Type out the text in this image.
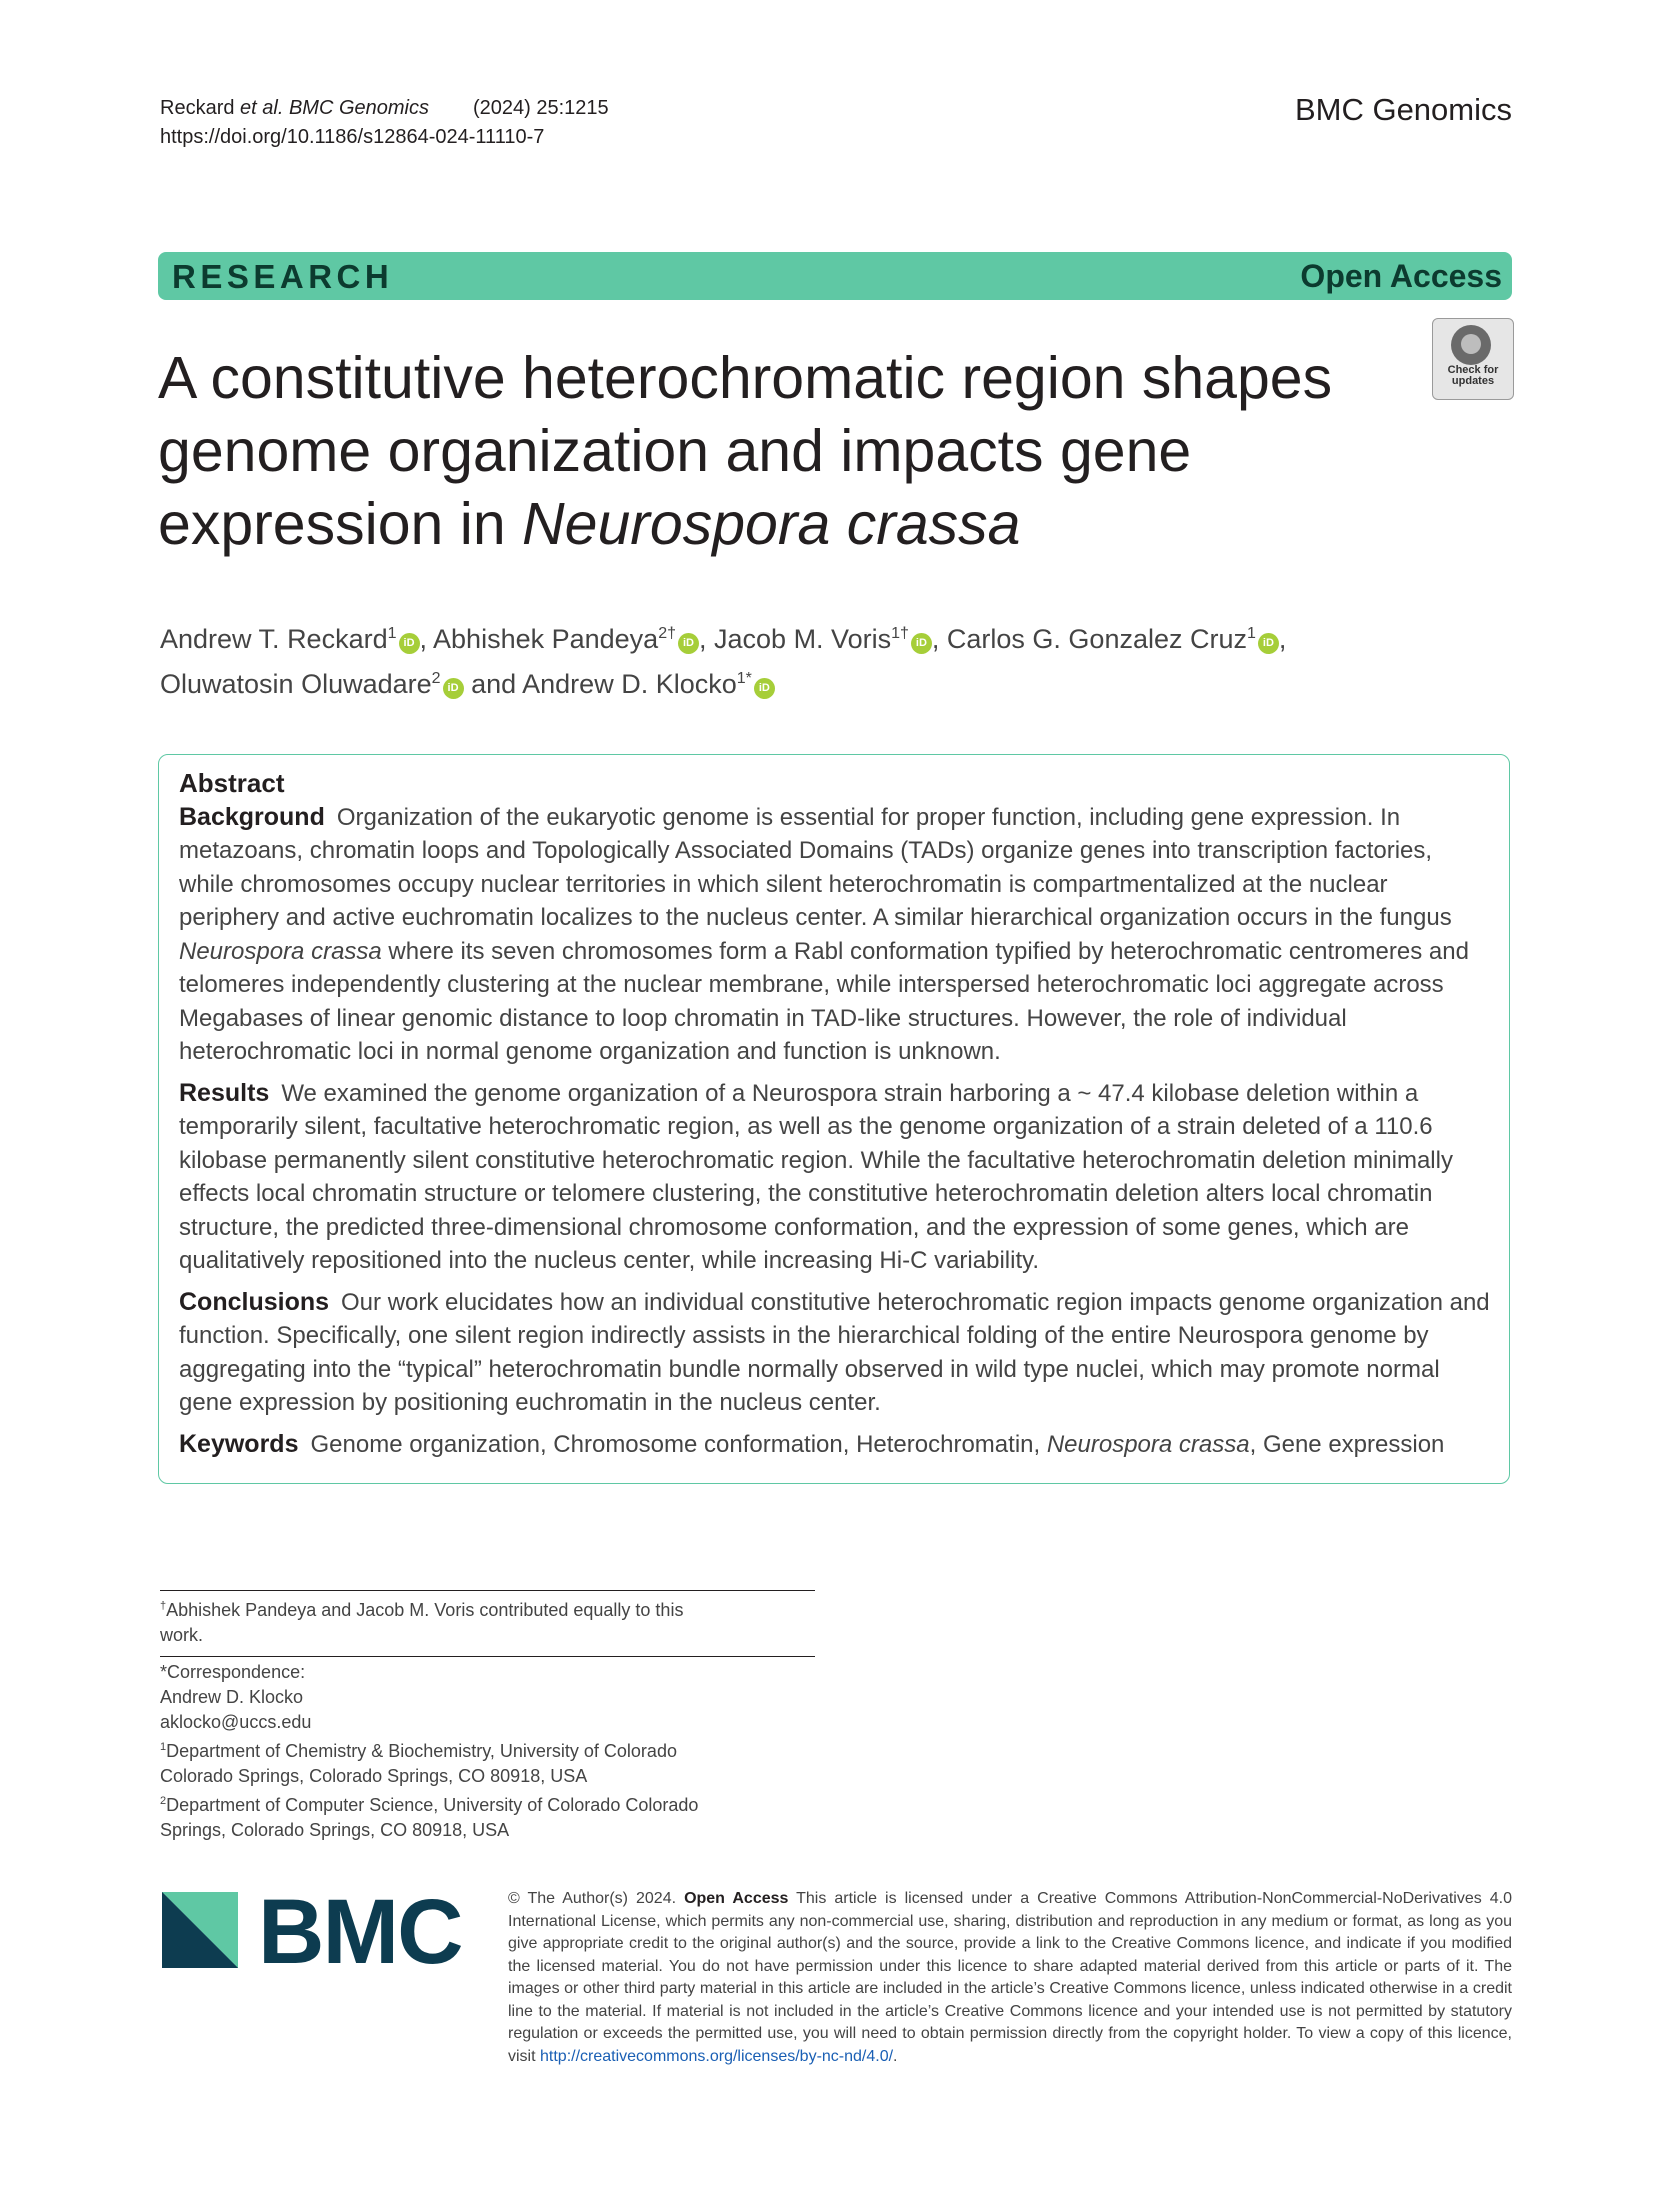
Reckard et al. BMC Genomics (2024) 25:1215
https://doi.org/10.1186/s12864-024-11110-7
BMC Genomics
RESEARCH	Open Access
Check for
updates
A constitutive heterochromatic region shapes
genome organization and impacts gene
expression in Neurospora crassa
Andrew T. Reckard$^1$iD , Abhishek Pandeya$^{2\dagger}$iD , Jacob M. Voris$^{1\dagger}$iD , Carlos G. Gonzalez Cruz$^1$iD ,
Oluwatosin Oluwadare$^2$iD and Andrew D. Klocko$^{1*}$iD
Abstract

Background Organization of the eukaryotic genome is essential for proper function, including gene expression. In metazoans, chromatin loops and Topologically Associated Domains (TADs) organize genes into transcription factories, while chromosomes occupy nuclear territories in which silent heterochromatin is compartmentalized at the nuclear periphery and active euchromatin localizes to the nucleus center. A similar hierarchical organization occurs in the fungus Neurospora crassa where its seven chromosomes form a Rabl conformation typified by heterochromatic centromeres and telomeres independently clustering at the nuclear membrane, while interspersed heterochromatic loci aggregate across Megabases of linear genomic distance to loop chromatin in TAD-like structures. However, the role of individual heterochromatic loci in normal genome organization and function is unknown.

Results We examined the genome organization of a Neurospora strain harboring a ~ 47.4 kilobase deletion within a temporarily silent, facultative heterochromatic region, as well as the genome organization of a strain deleted of a 110.6 kilobase permanently silent constitutive heterochromatic region. While the facultative heterochromatin deletion minimally effects local chromatin structure or telomere clustering, the constitutive heterochromatin deletion alters local chromatin structure, the predicted three-dimensional chromosome conformation, and the expression of some genes, which are qualitatively repositioned into the nucleus center, while increasing Hi-C variability.

Conclusions Our work elucidates how an individual constitutive heterochromatic region impacts genome organization and function. Specifically, one silent region indirectly assists in the hierarchical folding of the entire Neurospora genome by aggregating into the “typical” heterochromatin bundle normally observed in wild type nuclei, which may promote normal gene expression by positioning euchromatin in the nucleus center.

Keywords Genome organization, Chromosome conformation, Heterochromatin, Neurospora crassa, Gene expression

†Abhishek Pandeya and Jacob M. Voris contributed equally to this
work.
*Correspondence:
Andrew D. Klocko
aklocko@uccs.edu
$^1$Department of Chemistry & Biochemistry, University of Colorado
Colorado Springs, Colorado Springs, CO 80918, USA
$^2$Department of Computer Science, University of Colorado Colorado
Springs, Colorado Springs, CO 80918, USA
BMC	© The Author(s) 2024. Open Access This article is licensed under a Creative Commons Attribution-NonCommercial-NoDerivatives 4.0 International License, which permits any non-commercial use, sharing, distribution and reproduction in any medium or format, as long as you give appropriate credit to the original author(s) and the source, provide a link to the Creative Commons licence, and indicate if you modified the licensed material. You do not have permission under this licence to share adapted material derived from this article or parts of it. The images or other third party material in this article are included in the article’s Creative Commons licence, unless indicated otherwise in a credit line to the material. If material is not included in the article’s Creative Commons licence and your intended use is not permitted by statutory regulation or exceeds the permitted use, you will need to obtain permission directly from the copyright holder. To view a copy of this licence, visit http://creativecommons.org/licenses/by-nc-nd/4.0/.
